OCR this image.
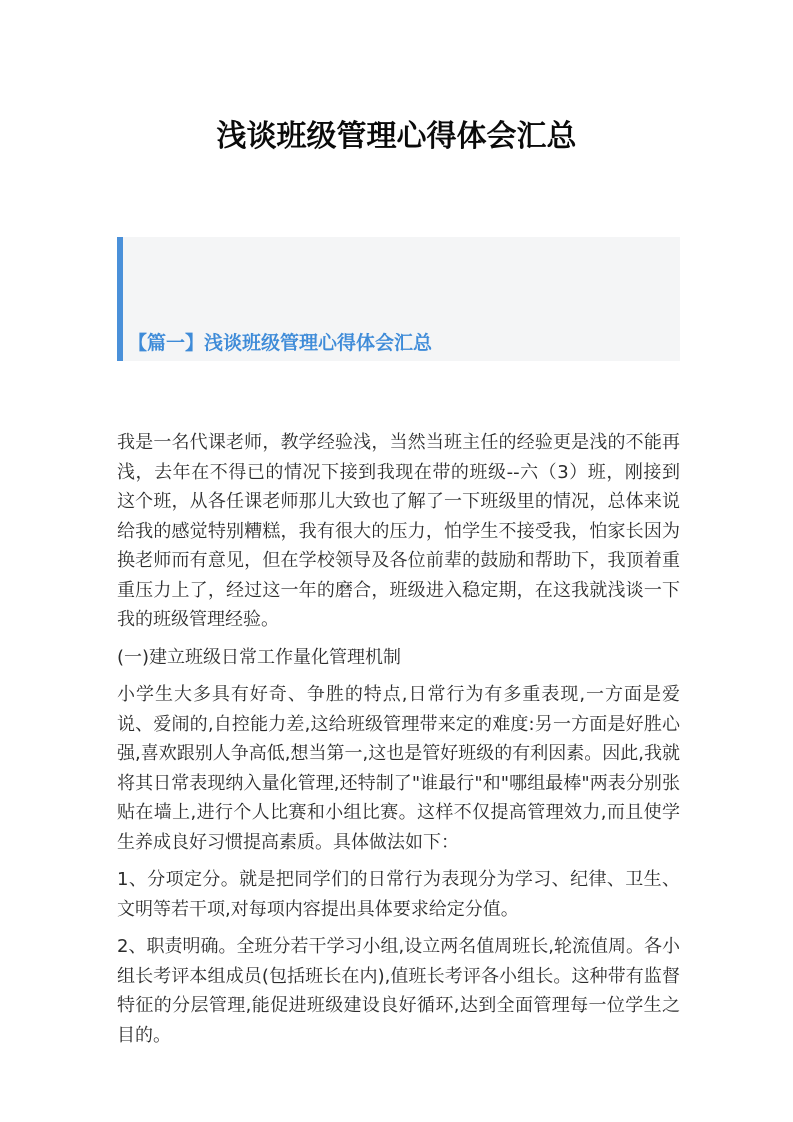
浅谈班级管理心得体会汇总
【篇一】浅谈班级管理心得体会汇总

我是一名代课老师，教学经验浅，当然当班主任的经验更是浅的不能再浅，去年在不得已的情况下接到我现在带的班级--六（3）班，刚接到这个班，从各任课老师那儿大致也了解了一下班级里的情况，总体来说给我的感觉特别糟糕，我有很大的压力，怕学生不接受我，怕家长因为换老师而有意见，但在学校领导及各位前辈的鼓励和帮助下，我顶着重重压力上了，经过这一年的磨合，班级进入稳定期，在这我就浅谈一下我的班级管理经验。

(一)建立班级日常工作量化管理机制

小学生大多具有好奇、争胜的特点,日常行为有多重表现,一方面是爱说、爱闹的,自控能力差,这给班级管理带来定的难度:另一方面是好胜心强,喜欢跟别人争高低,想当第一,这也是管好班级的有利因素。因此,我就将其日常表现纳入量化管理,还特制了"谁最行"和"哪组最棒"两表分别张贴在墙上,进行个人比赛和小组比赛。这样不仅提高管理效力,而且使学生养成良好习惯提高素质。具体做法如下：

1、分项定分。就是把同学们的日常行为表现分为学习、纪律、卫生、文明等若干项,对每项内容提出具体要求给定分值。

2、职责明确。全班分若干学习小组,设立两名值周班长,轮流值周。各小组长考评本组成员(包括班长在内),值班长考评各小组长。这种带有监督特征的分层管理,能促进班级建设良好循环,达到全面管理每一位学生之目的。
